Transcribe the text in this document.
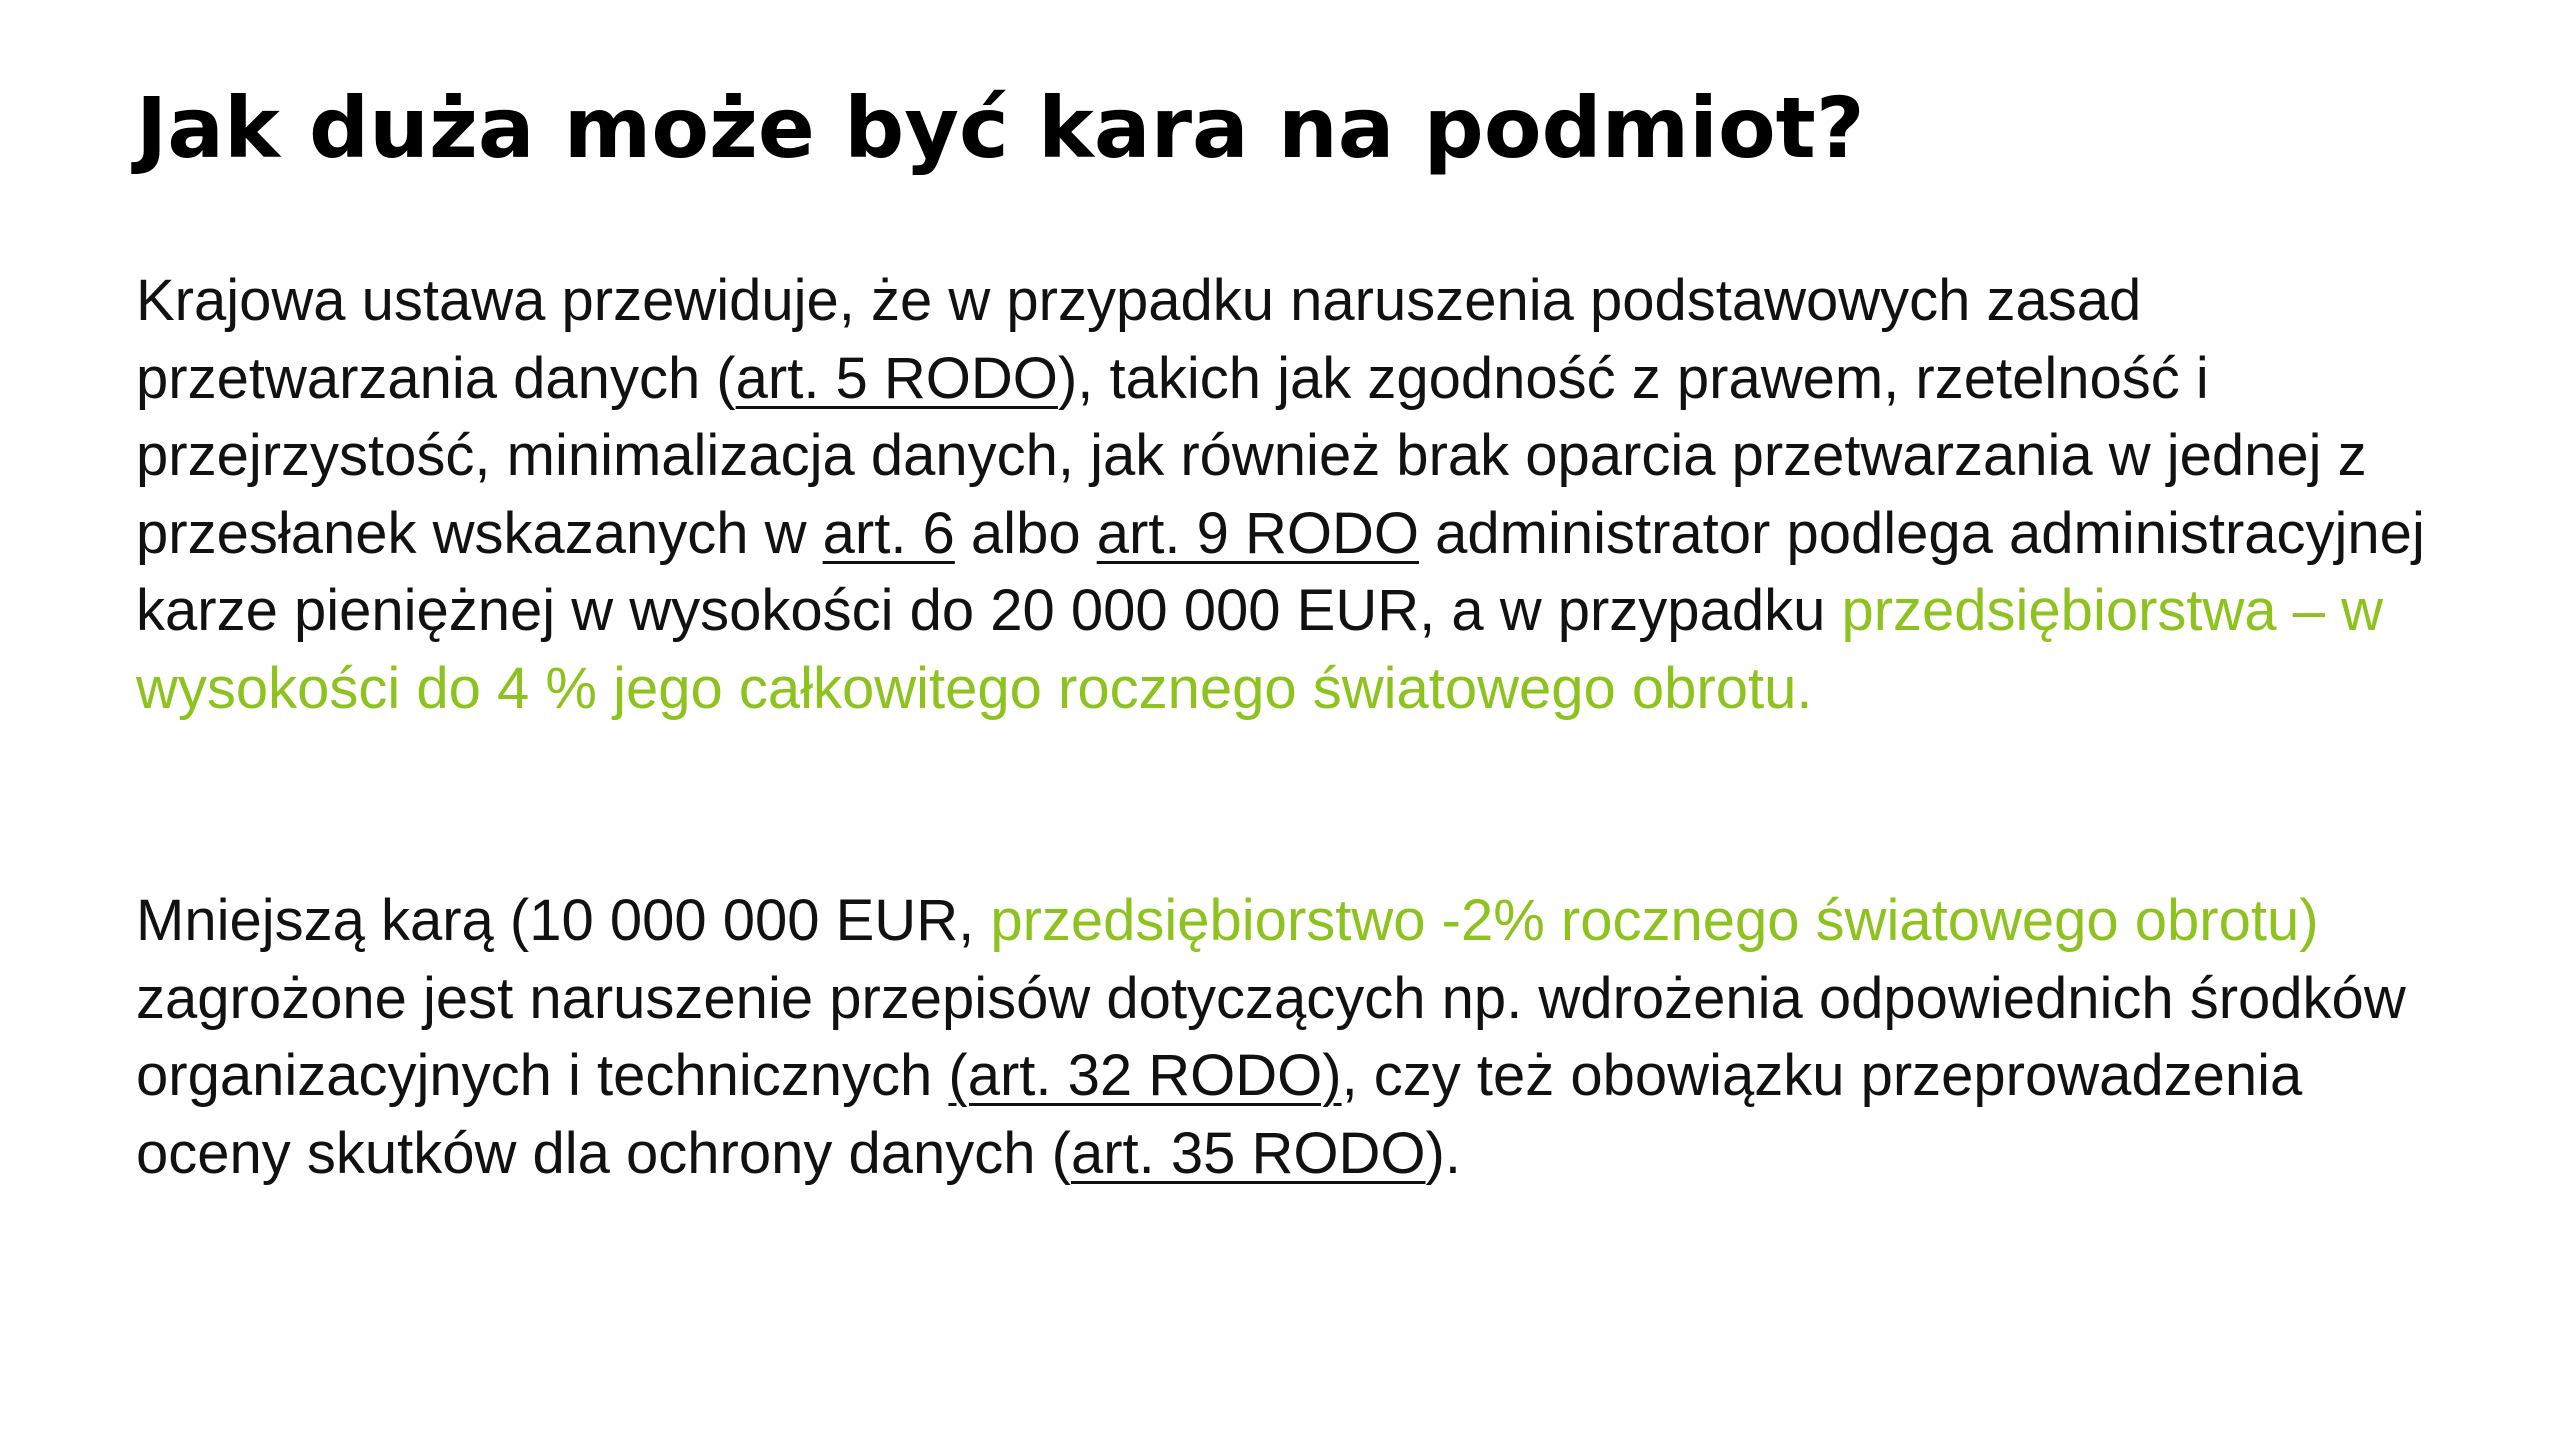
Jak duża może być kara na podmiot?

Krajowa ustawa przewiduje, że w przypadku naruszenia podstawowych zasad przetwarzania danych (art. 5 RODO), takich jak zgodność z prawem, rzetelność i przejrzystość, minimalizacja danych, jak również brak oparcia przetwarzania w jednej z przesłanek wskazanych w art. 6 albo art. 9 RODO administrator podlega administracyjnej karze pieniężnej w wysokości do 20 000 000 EUR, a w przypadku przedsiębiorstwa – w wysokości do 4 % jego całkowitego rocznego światowego obrotu.

Mniejszą karą (10 000 000 EUR, przedsiębiorstwo -2% rocznego światowego obrotu) zagrożone jest naruszenie przepisów dotyczących np. wdrożenia odpowiednich środków organizacyjnych i technicznych (art. 32 RODO), czy też obowiązku przeprowadzenia oceny skutków dla ochrony danych (art. 35 RODO).
